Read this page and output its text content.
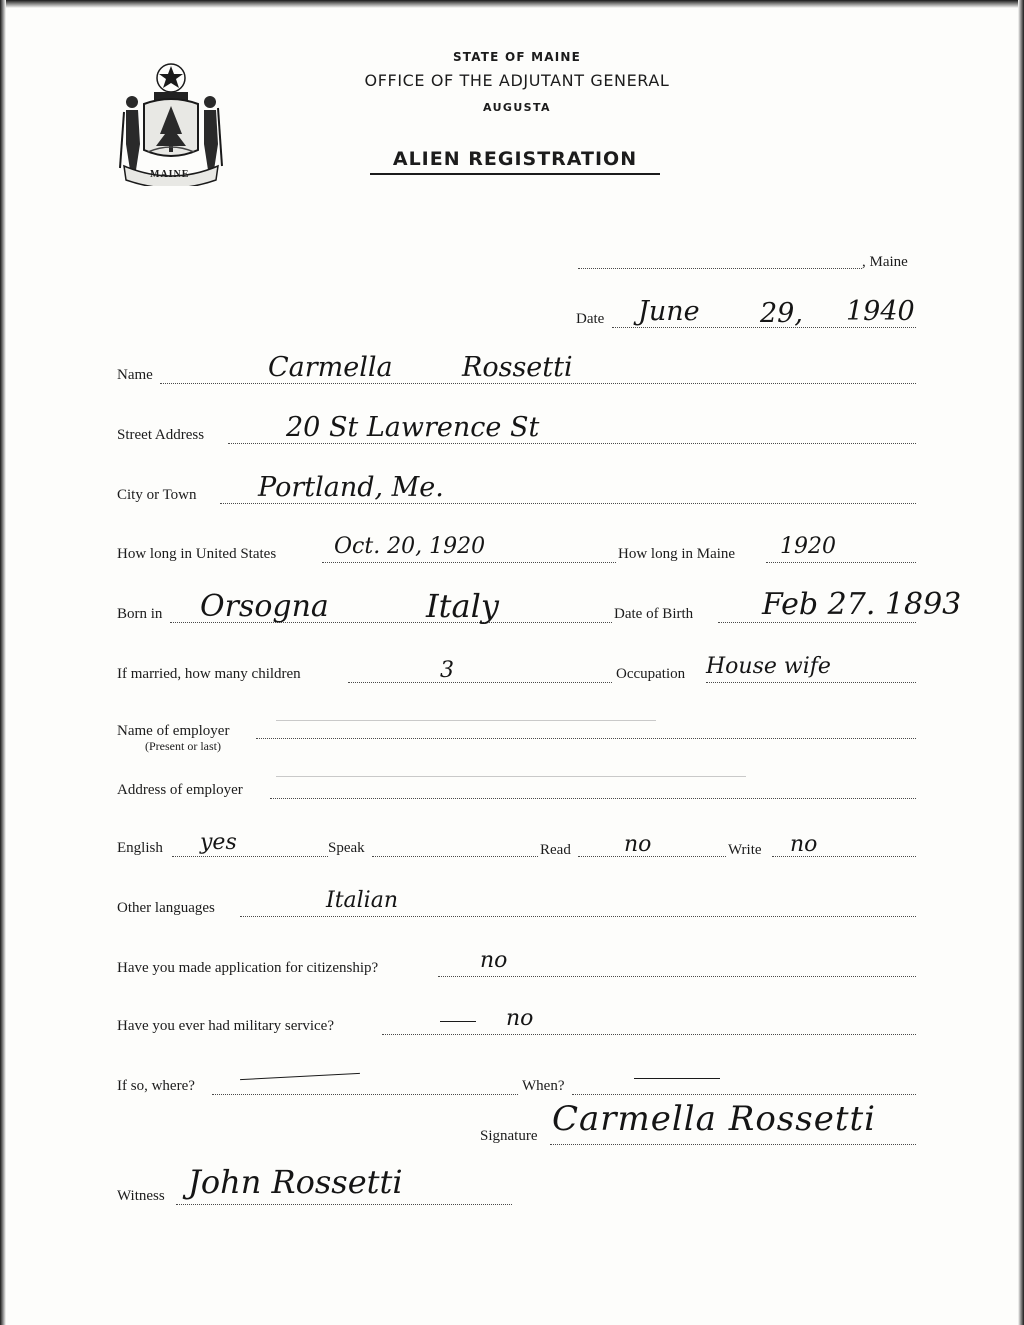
MAINE
STATE OF MAINE
OFFICE OF THE ADJUTANT GENERAL
AUGUSTA
ALIEN REGISTRATION
, Maine
Date June 29, 1940
Name	Carmella	Rossetti
Street Address	20 St Lawrence St
City or Town Portland, Me.
How long in United States	Oct. 20, 1920	How long in Maine 1920
Born in Orsogna	Italy	Date of Birth Feb 27. 1893
If married, how many children	3	Occupation House wife
Name of employer
(Present or last)
Address of employer
English yes	Speak	Read no	Write no
Other languages	Italian
Have you made application for citizenship?	no
Have you ever had military service?	no
If so, where?	When?
Signature Carmella Rossetti
Witness John Rossetti
